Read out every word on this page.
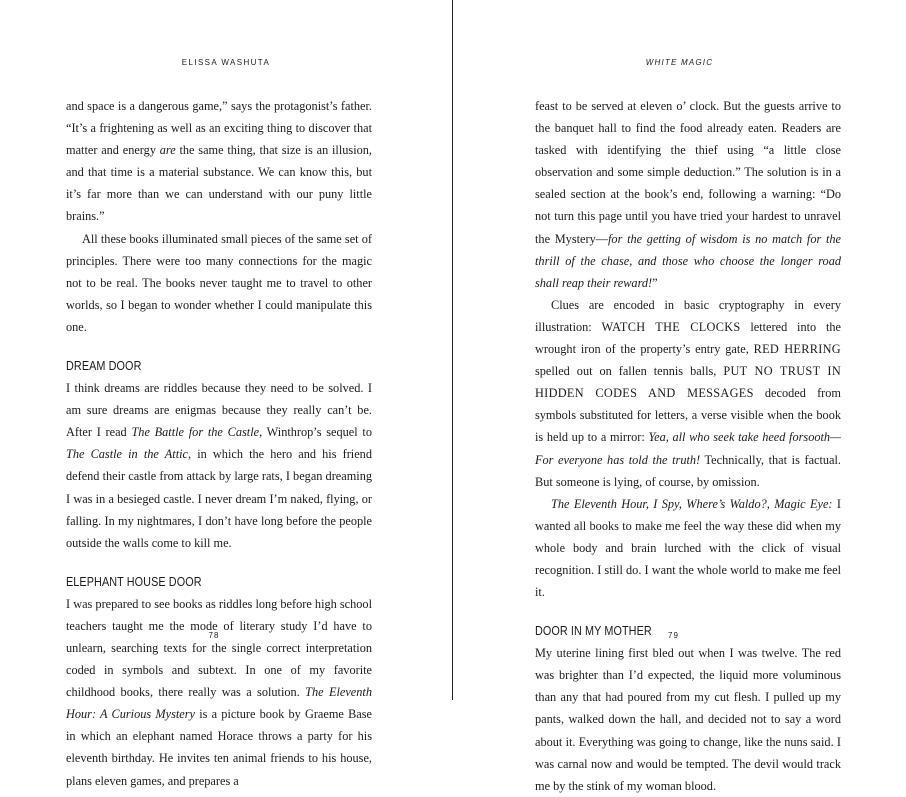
ELISSA WASHUTA

and space is a dangerous game,” says the protagonist’s father. “It’s a frightening as well as an exciting thing to discover that matter and energy are the same thing, that size is an illusion, and that time is a material substance. We can know this, but it’s far more than we can understand with our puny little brains.”

All these books illuminated small pieces of the same set of principles. There were too many connections for the magic not to be real. The books never taught me to travel to other worlds, so I began to wonder whether I could manipulate this one.

DREAM DOOR

I think dreams are riddles because they need to be solved. I am sure dreams are enigmas because they really can’t be. After I read The Battle for the Castle, Winthrop’s sequel to The Castle in the Attic, in which the hero and his friend defend their castle from attack by large rats, I began dreaming I was in a besieged castle. I never dream I’m naked, flying, or falling. In my nightmares, I don’t have long before the people outside the walls come to kill me.

ELEPHANT HOUSE DOOR

I was prepared to see books as riddles long before high school teachers taught me the mode of literary study I’d have to unlearn, searching texts for the single correct interpretation coded in symbols and subtext. In one of my favorite childhood books, there really was a solution. The Eleventh Hour: A Curious Mystery is a picture book by Graeme Base in which an elephant named Horace throws a party for his eleventh birthday. He invites ten animal friends to his house, plans eleven games, and prepares a

78
WHITE MAGIC

feast to be served at eleven o’ clock. But the guests arrive to the banquet hall to find the food already eaten. Readers are tasked with identifying the thief using “a little close observation and some simple deduction.” The solution is in a sealed section at the book’s end, following a warning: “Do not turn this page until you have tried your hardest to unravel the Mystery—for the getting of wisdom is no match for the thrill of the chase, and those who choose the longer road shall reap their reward!”

Clues are encoded in basic cryptography in every illustration: WATCH THE CLOCKS lettered into the wrought iron of the property’s entry gate, RED HERRING spelled out on fallen tennis balls, PUT NO TRUST IN HIDDEN CODES AND MESSAGES decoded from symbols substituted for letters, a verse visible when the book is held up to a mirror: Yea, all who seek take heed forsooth—For everyone has told the truth! Technically, that is factual. But someone is lying, of course, by omission.

The Eleventh Hour, I Spy, Where’s Waldo?, Magic Eye: I wanted all books to make me feel the way these did when my whole body and brain lurched with the click of visual recognition. I still do. I want the whole world to make me feel it.

DOOR IN MY MOTHER

My uterine lining first bled out when I was twelve. The red was brighter than I’d expected, the liquid more voluminous than any that had poured from my cut flesh. I pulled up my pants, walked down the hall, and decided not to say a word about it. Everything was going to change, like the nuns said. I was carnal now and would be tempted. The devil would track me by the stink of my woman blood.

79
